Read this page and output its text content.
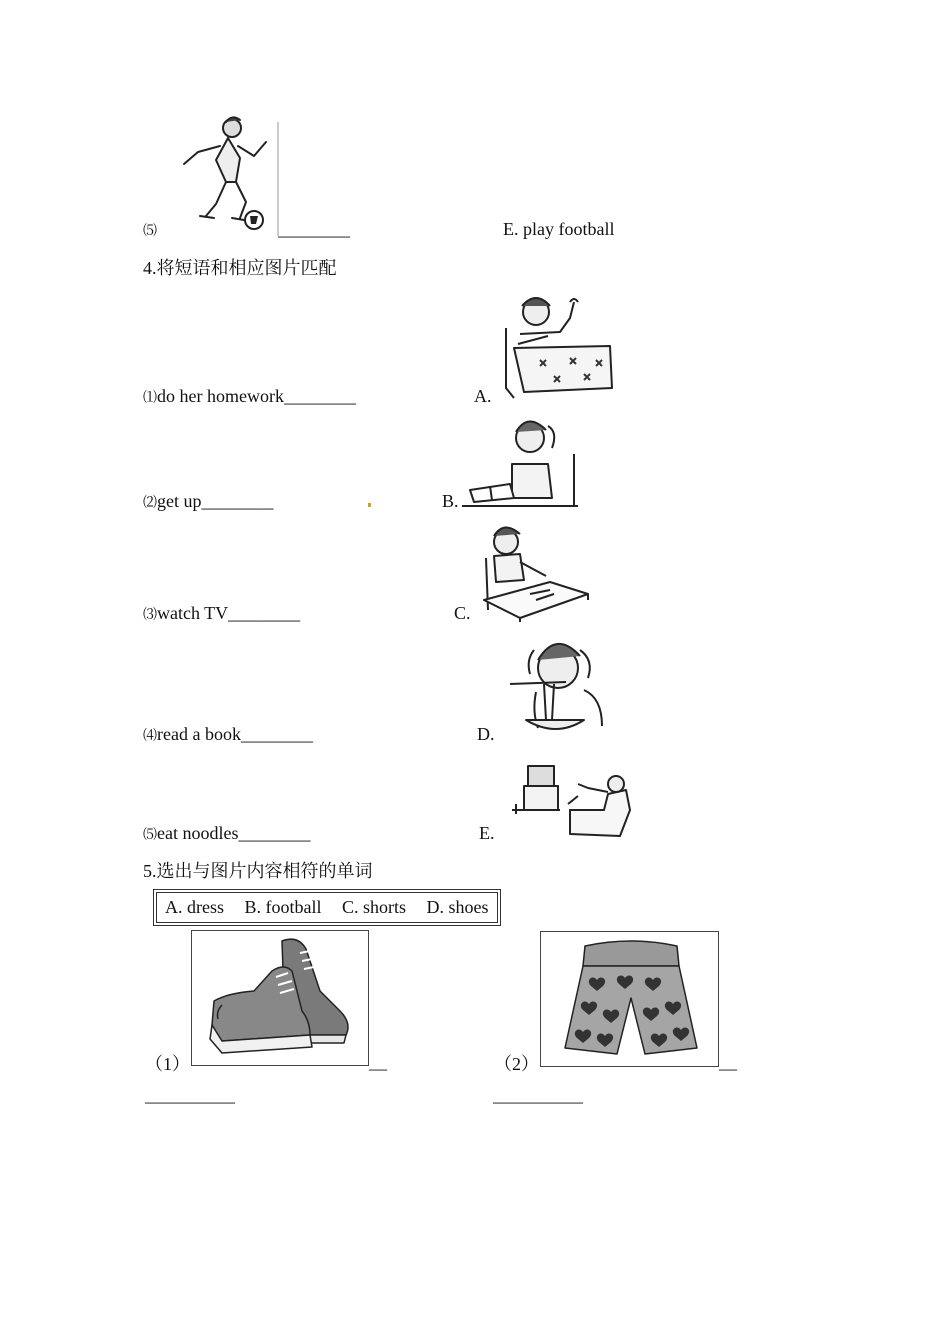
⑸	________	E. play football
4.将短语和相应图片匹配
⑴do her homework________	A.
⑵get up________	B.
⑶watch TV________	C.
⑷read a book________	D.
⑸eat noodles________	E.
5.选出与图片内容相符的单词
A. dress B. football C. shorts D. shoes
（1）	__
__________
（2）	__
__________
